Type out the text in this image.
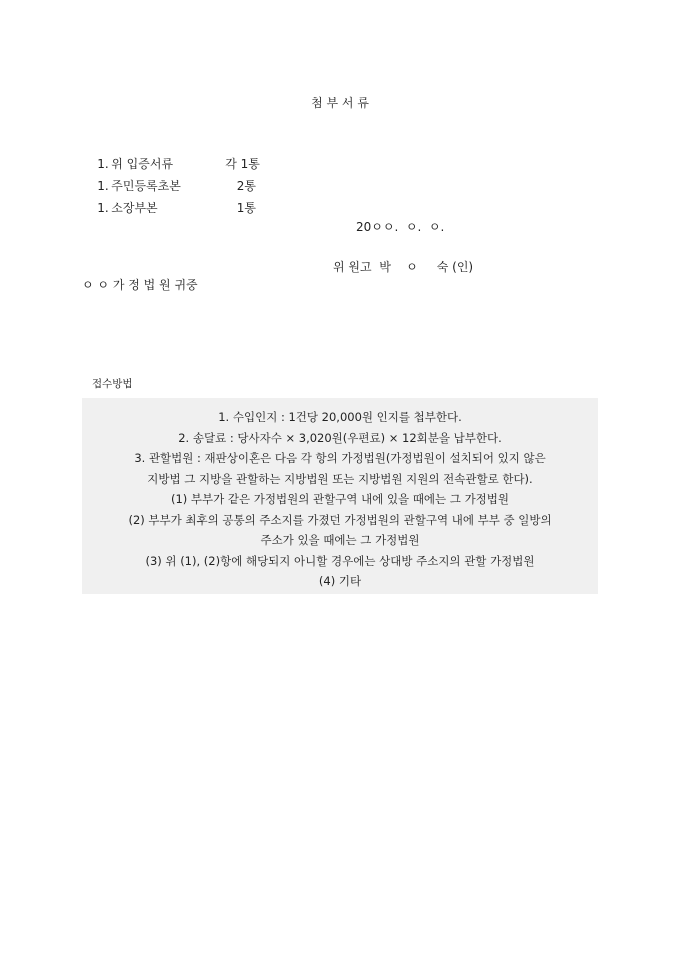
첨 부 서 류

1. 위 입증서류	각 1통

1. 주민등록초본	2통

1. 소장부본	1통

20ㅇㅇ.  ㅇ.  ㅇ.
위 원고  박    ㅇ     숙 (인)
ㅇ ㅇ 가 정 법 원 귀중
접수방법
1. 수입인지 : 1건당 20,000원 인지를 첩부한다.
2. 송달료 : 당사자수 × 3,020원(우편료) × 12회분을 납부한다.
3. 관할법원 : 재판상이혼은 다음 각 항의 가정법원(가정법원이 설치되어 있지 않은
지방법 그 지방을 관할하는 지방법원 또는 지방법원 지원의 전속관할로 한다).
(1) 부부가 같은 가정법원의 관할구역 내에 있을 때에는 그 가정법원
(2) 부부가 최후의 공통의 주소지를 가졌던 가정법원의 관할구역 내에 부부 중 일방의
주소가 있을 때에는 그 가정법원
(3) 위 (1), (2)항에 해당되지 아니할 경우에는 상대방 주소지의 관할 가정법원
(4) 기타
